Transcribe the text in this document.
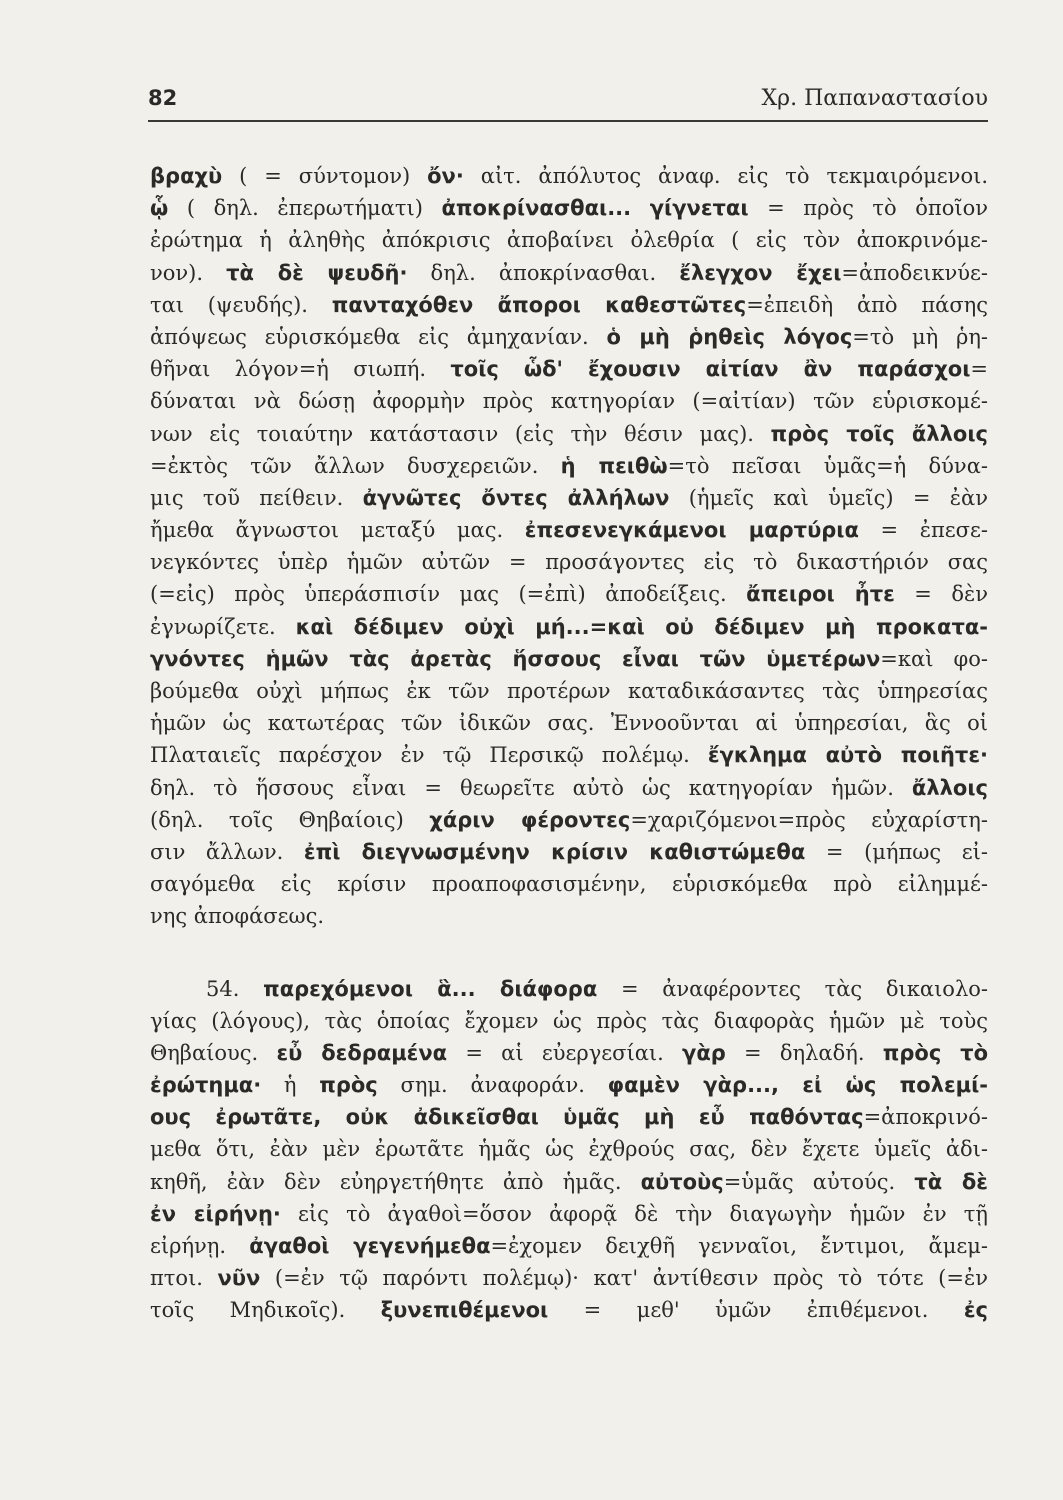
82	Χρ. Παπαναστασίου
βραχὺ ( = σύντομον) ὄν· αἰτ. ἀπόλυτος ἀναφ. εἰς τὸ τεκμαιρόμενοι.
ᾧ ( δηλ. ἐπερωτήματι) ἀποκρίνασθαι... γίγνεται = πρὸς τὸ ὁποῖον
ἐρώτημα ἡ ἀληθὴς ἀπόκρισις ἀποβαίνει ὀλεθρία ( εἰς τὸν ἀποκρινόμε-
νον). τὰ δὲ ψευδῆ· δηλ. ἀποκρίνασθαι. ἔλεγχον ἔχει=ἀποδεικνύε-
ται (ψευδής). πανταχόθεν ἄποροι καθεστῶτες=ἐπειδὴ ἀπὸ πάσης
ἀπόψεως εὑρισκόμεθα εἰς ἀμηχανίαν. ὁ μὴ ῥηθεὶς λόγος=τὸ μὴ ῥη-
θῆναι λόγον=ἡ σιωπή. τοῖς ὧδ' ἔχουσιν αἰτίαν ἂν παράσχοι=
δύναται νὰ δώσῃ ἀφορμὴν πρὸς κατηγορίαν (=αἰτίαν) τῶν εὑρισκομέ-
νων εἰς τοιαύτην κατάστασιν (εἰς τὴν θέσιν μας). πρὸς τοῖς ἄλλοις
=ἐκτὸς τῶν ἄλλων δυσχερειῶν. ἡ πειθὼ=τὸ πεῖσαι ὑμᾶς=ἡ δύνα-
μις τοῦ πείθειν. ἀγνῶτες ὄντες ἀλλήλων (ἡμεῖς καὶ ὑμεῖς) = ἐὰν
ἤμεθα ἄγνωστοι μεταξύ μας. ἐπεσενεγκάμενοι μαρτύρια = ἐπεσε-
νεγκόντες ὑπὲρ ἡμῶν αὐτῶν = προσάγοντες εἰς τὸ δικαστήριόν σας
(=εἰς) πρὸς ὑπεράσπισίν μας (=ἐπὶ) ἀποδείξεις. ἄπειροι ἦτε = δὲν
ἐγνωρίζετε. καὶ δέδιμεν οὐχὶ μή...=καὶ οὐ δέδιμεν μὴ προκατα-
γνόντες ἡμῶν τὰς ἀρετὰς ἥσσους εἶναι τῶν ὑμετέρων=καὶ φο-
βούμεθα οὐχὶ μήπως ἐκ τῶν προτέρων καταδικάσαντες τὰς ὑπηρεσίας
ἡμῶν ὡς κατωτέρας τῶν ἰδικῶν σας. Ἐννοοῦνται αἱ ὑπηρεσίαι, ἃς οἱ
Πλαταιεῖς παρέσχον ἐν τῷ Περσικῷ πολέμῳ. ἔγκλημα αὐτὸ ποιῆτε·
δηλ. τὸ ἥσσους εἶναι = θεωρεῖτε αὐτὸ ὡς κατηγορίαν ἡμῶν. ἄλλοις
(δηλ. τοῖς Θηβαίοις) χάριν φέροντες=χαριζόμενοι=πρὸς εὐχαρίστη-
σιν ἄλλων. ἐπὶ διεγνωσμένην κρίσιν καθιστώμεθα = (μήπως εἰ-
σαγόμεθα εἰς κρίσιν προαποφασισμένην, εὑρισκόμεθα πρὸ εἰλημμέ-
νης ἀποφάσεως.
54. παρεχόμενοι ἃ... διάφορα = ἀναφέροντες τὰς δικαιολο-
γίας (λόγους), τὰς ὁποίας ἔχομεν ὡς πρὸς τὰς διαφορὰς ἡμῶν μὲ τοὺς
Θηβαίους. εὖ δεδραμένα = αἱ εὐεργεσίαι. γὰρ = δηλαδή. πρὸς τὸ
ἐρώτημα· ἡ πρὸς σημ. ἀναφοράν. φαμὲν γὰρ..., εἰ ὡς πολεμί-
ους ἐρωτᾶτε, οὐκ ἀδικεῖσθαι ὑμᾶς μὴ εὖ παθόντας=ἀποκρινό-
μεθα ὅτι, ἐὰν μὲν ἐρωτᾶτε ἡμᾶς ὡς ἐχθρούς σας, δὲν ἔχετε ὑμεῖς ἀδι-
κηθῆ, ἐὰν δὲν εὐηργετήθητε ἀπὸ ἡμᾶς. αὐτοὺς=ὑμᾶς αὐτούς. τὰ δὲ
ἐν εἰρήνῃ· εἰς τὸ ἀγαθοὶ=ὅσον ἀφορᾷ δὲ τὴν διαγωγὴν ἡμῶν ἐν τῇ
εἰρήνῃ. ἀγαθοὶ γεγενήμεθα=ἐχομεν δειχθῆ γενναῖοι, ἔντιμοι, ἄμεμ-
πτοι. νῦν (=ἐν τῷ παρόντι πολέμῳ)· κατ' ἀντίθεσιν πρὸς τὸ τότε (=ἐν
τοῖς Μηδικοῖς). ξυνεπιθέμενοι = μεθ' ὑμῶν ἐπιθέμενοι. ἐς
